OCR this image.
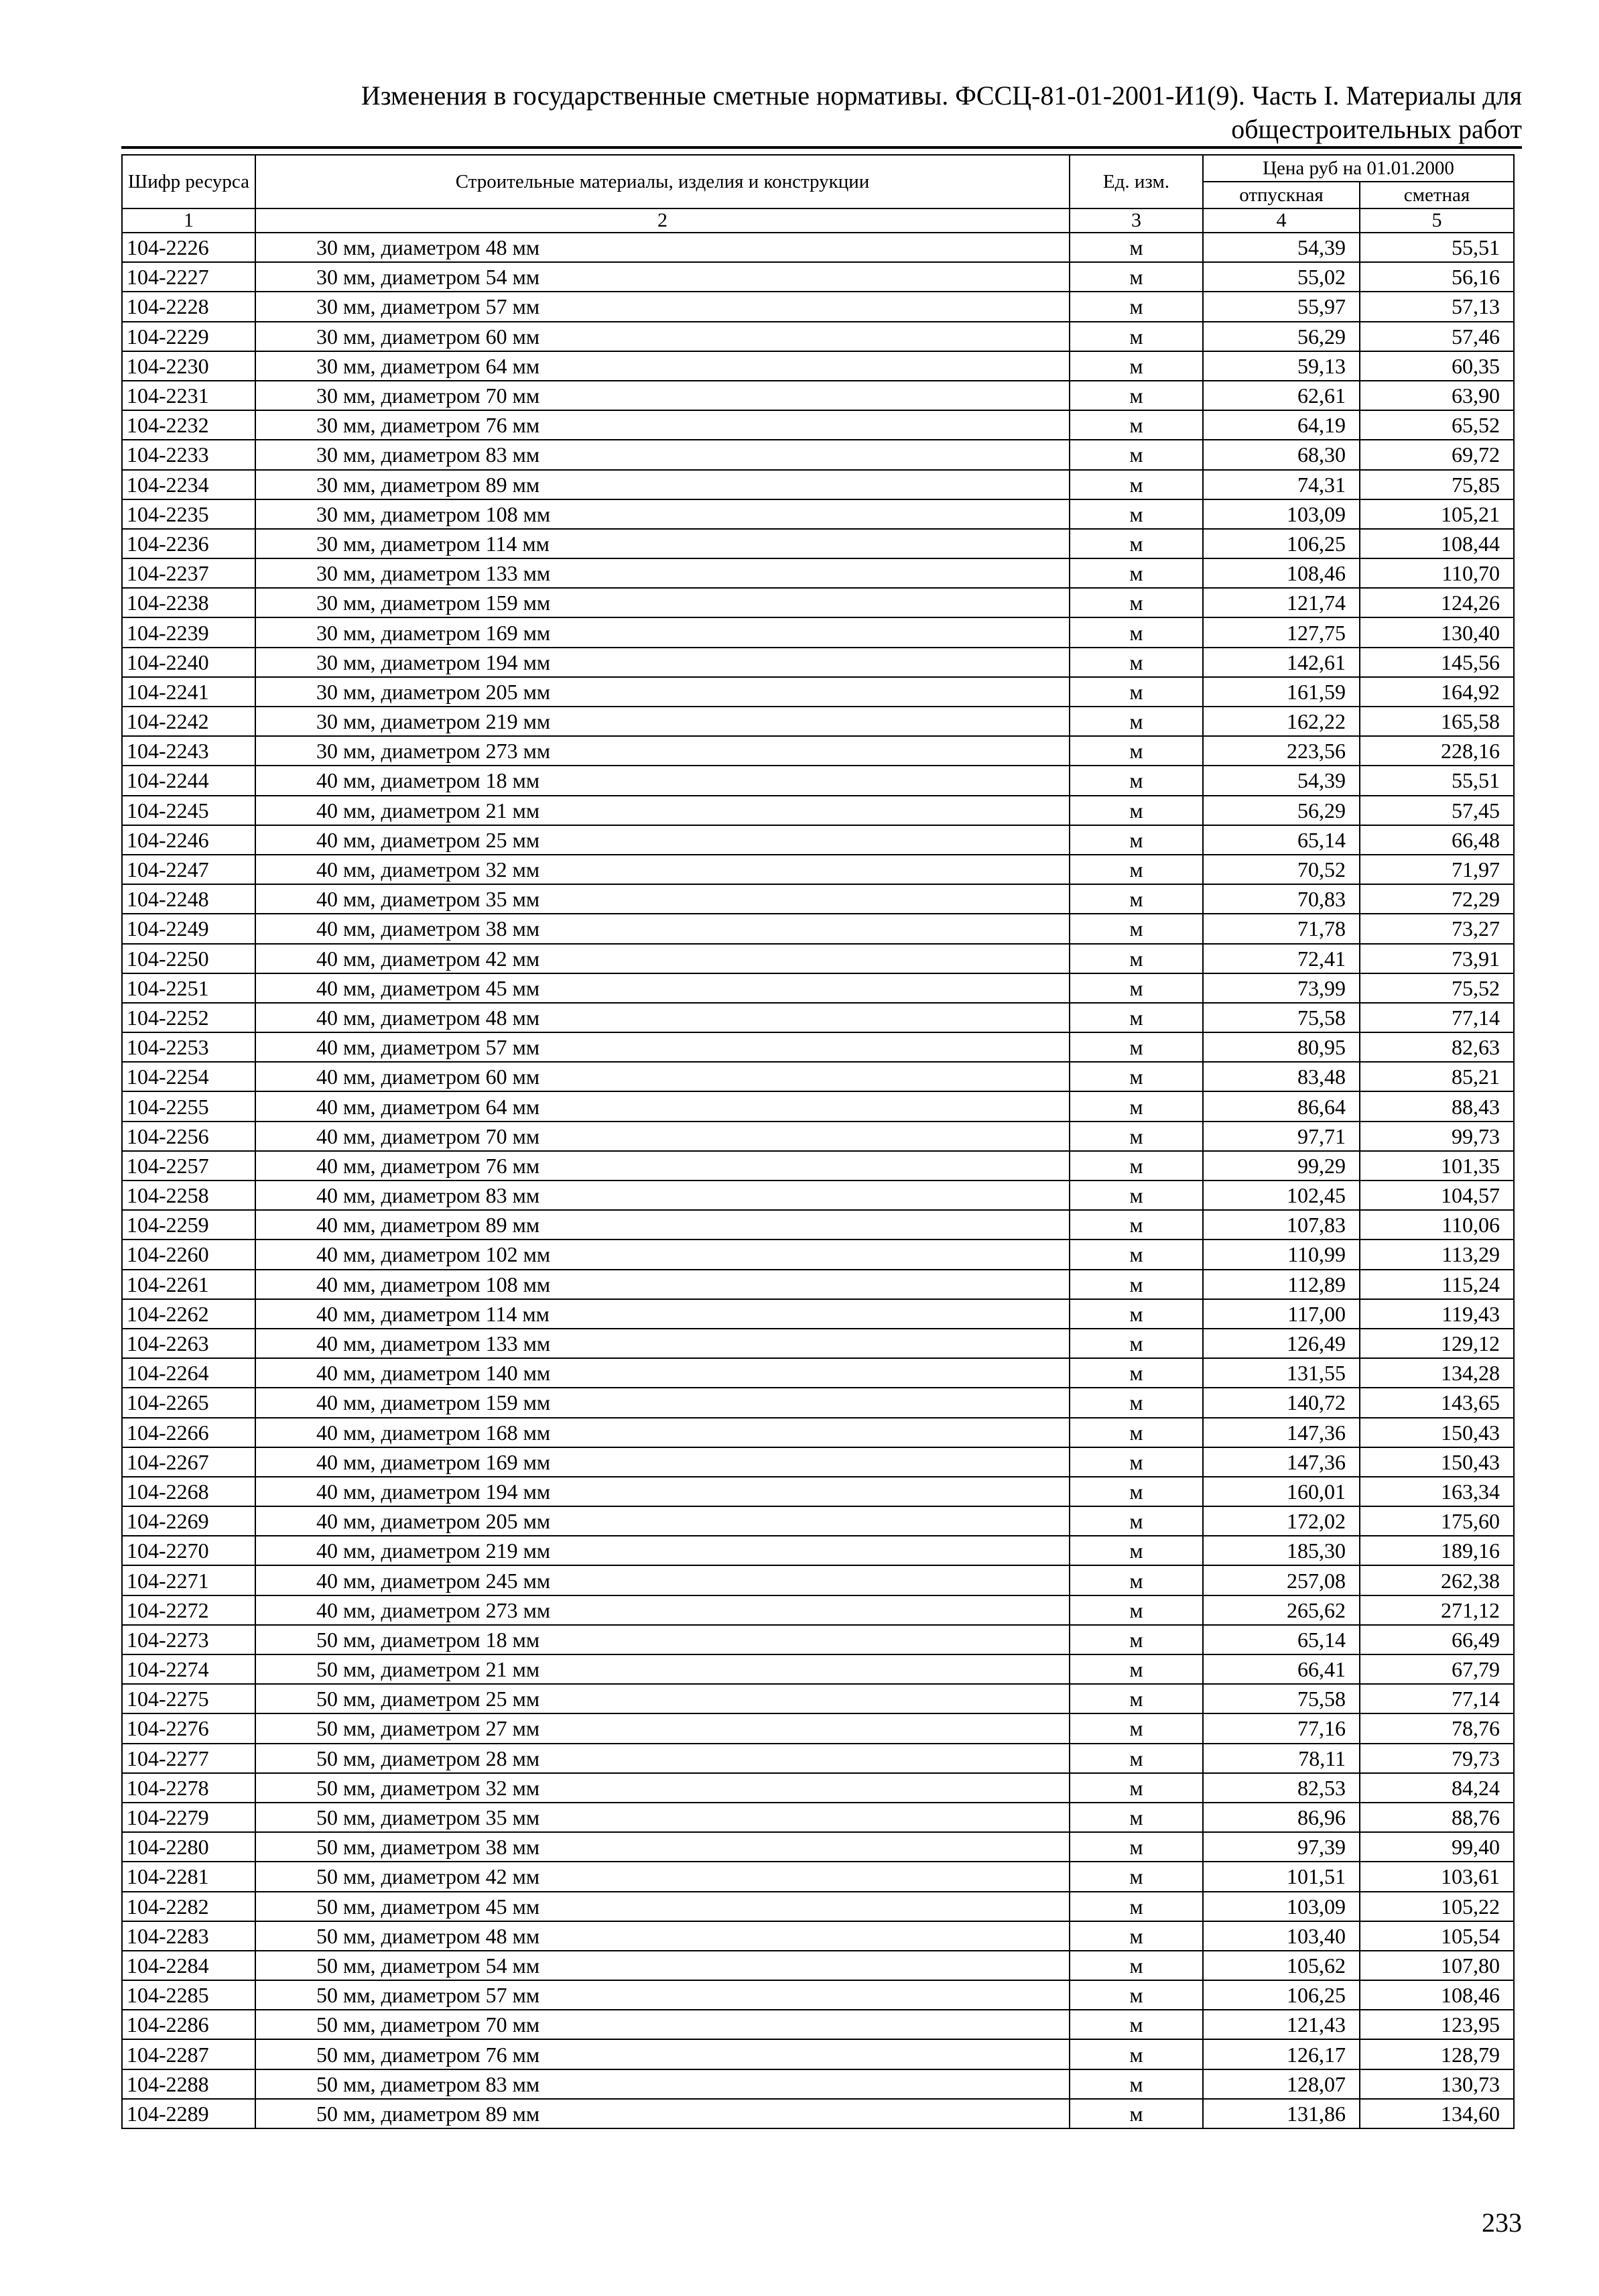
Изменения в государственные сметные нормативы. ФССЦ-81-01-2001-И1(9). Часть I. Материалы для
общестроительных работ
Шифр ресурса	Строительные материалы, изделия и конструкции	Ед. изм.	Цена руб на 01.01.2000	
			отпускная	сметная
1	2	3	4	5
104-2226	30 мм, диаметром 48 мм	м	54,39	55,51
104-2227	30 мм, диаметром 54 мм	м	55,02	56,16
104-2228	30 мм, диаметром 57 мм	м	55,97	57,13
104-2229	30 мм, диаметром 60 мм	м	56,29	57,46
104-2230	30 мм, диаметром 64 мм	м	59,13	60,35
104-2231	30 мм, диаметром 70 мм	м	62,61	63,90
104-2232	30 мм, диаметром 76 мм	м	64,19	65,52
104-2233	30 мм, диаметром 83 мм	м	68,30	69,72
104-2234	30 мм, диаметром 89 мм	м	74,31	75,85
104-2235	30 мм, диаметром 108 мм	м	103,09	105,21
104-2236	30 мм, диаметром 114 мм	м	106,25	108,44
104-2237	30 мм, диаметром 133 мм	м	108,46	110,70
104-2238	30 мм, диаметром 159 мм	м	121,74	124,26
104-2239	30 мм, диаметром 169 мм	м	127,75	130,40
104-2240	30 мм, диаметром 194 мм	м	142,61	145,56
104-2241	30 мм, диаметром 205 мм	м	161,59	164,92
104-2242	30 мм, диаметром 219 мм	м	162,22	165,58
104-2243	30 мм, диаметром 273 мм	м	223,56	228,16
104-2244	40 мм, диаметром 18 мм	м	54,39	55,51
104-2245	40 мм, диаметром 21 мм	м	56,29	57,45
104-2246	40 мм, диаметром 25 мм	м	65,14	66,48
104-2247	40 мм, диаметром 32 мм	м	70,52	71,97
104-2248	40 мм, диаметром 35 мм	м	70,83	72,29
104-2249	40 мм, диаметром 38 мм	м	71,78	73,27
104-2250	40 мм, диаметром 42 мм	м	72,41	73,91
104-2251	40 мм, диаметром 45 мм	м	73,99	75,52
104-2252	40 мм, диаметром 48 мм	м	75,58	77,14
104-2253	40 мм, диаметром 57 мм	м	80,95	82,63
104-2254	40 мм, диаметром 60 мм	м	83,48	85,21
104-2255	40 мм, диаметром 64 мм	м	86,64	88,43
104-2256	40 мм, диаметром 70 мм	м	97,71	99,73
104-2257	40 мм, диаметром 76 мм	м	99,29	101,35
104-2258	40 мм, диаметром 83 мм	м	102,45	104,57
104-2259	40 мм, диаметром 89 мм	м	107,83	110,06
104-2260	40 мм, диаметром 102 мм	м	110,99	113,29
104-2261	40 мм, диаметром 108 мм	м	112,89	115,24
104-2262	40 мм, диаметром 114 мм	м	117,00	119,43
104-2263	40 мм, диаметром 133 мм	м	126,49	129,12
104-2264	40 мм, диаметром 140 мм	м	131,55	134,28
104-2265	40 мм, диаметром 159 мм	м	140,72	143,65
104-2266	40 мм, диаметром 168 мм	м	147,36	150,43
104-2267	40 мм, диаметром 169 мм	м	147,36	150,43
104-2268	40 мм, диаметром 194 мм	м	160,01	163,34
104-2269	40 мм, диаметром 205 мм	м	172,02	175,60
104-2270	40 мм, диаметром 219 мм	м	185,30	189,16
104-2271	40 мм, диаметром 245 мм	м	257,08	262,38
104-2272	40 мм, диаметром 273 мм	м	265,62	271,12
104-2273	50 мм, диаметром 18 мм	м	65,14	66,49
104-2274	50 мм, диаметром 21 мм	м	66,41	67,79
104-2275	50 мм, диаметром 25 мм	м	75,58	77,14
104-2276	50 мм, диаметром 27 мм	м	77,16	78,76
104-2277	50 мм, диаметром 28 мм	м	78,11	79,73
104-2278	50 мм, диаметром 32 мм	м	82,53	84,24
104-2279	50 мм, диаметром 35 мм	м	86,96	88,76
104-2280	50 мм, диаметром 38 мм	м	97,39	99,40
104-2281	50 мм, диаметром 42 мм	м	101,51	103,61
104-2282	50 мм, диаметром 45 мм	м	103,09	105,22
104-2283	50 мм, диаметром 48 мм	м	103,40	105,54
104-2284	50 мм, диаметром 54 мм	м	105,62	107,80
104-2285	50 мм, диаметром 57 мм	м	106,25	108,46
104-2286	50 мм, диаметром 70 мм	м	121,43	123,95
104-2287	50 мм, диаметром 76 мм	м	126,17	128,79
104-2288	50 мм, диаметром 83 мм	м	128,07	130,73
104-2289	50 мм, диаметром 89 мм	м	131,86	134,60
233
